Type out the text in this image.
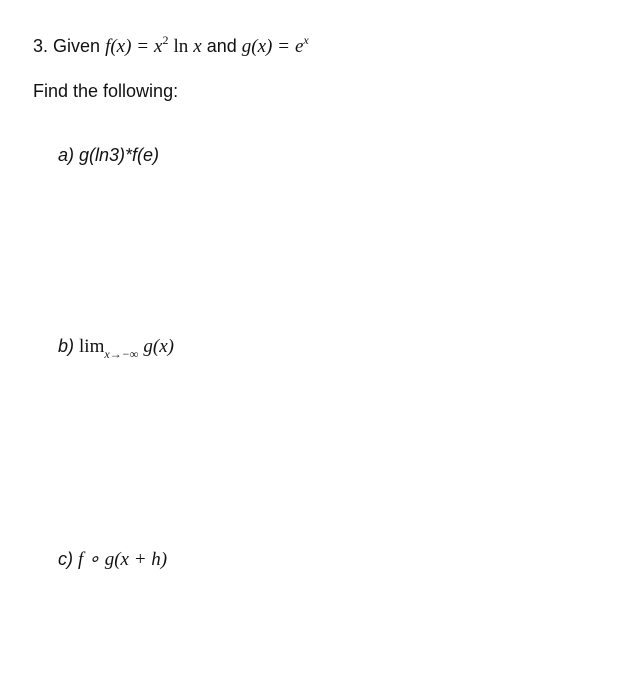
3. Given $f(x) = x^2$ ln x and $g(x) = e^x$
Find the following:
a) g(ln3)*f(e)
b) $\lim_{x\to-\infty} g(x)$
c) f ∘ g(x + h)
